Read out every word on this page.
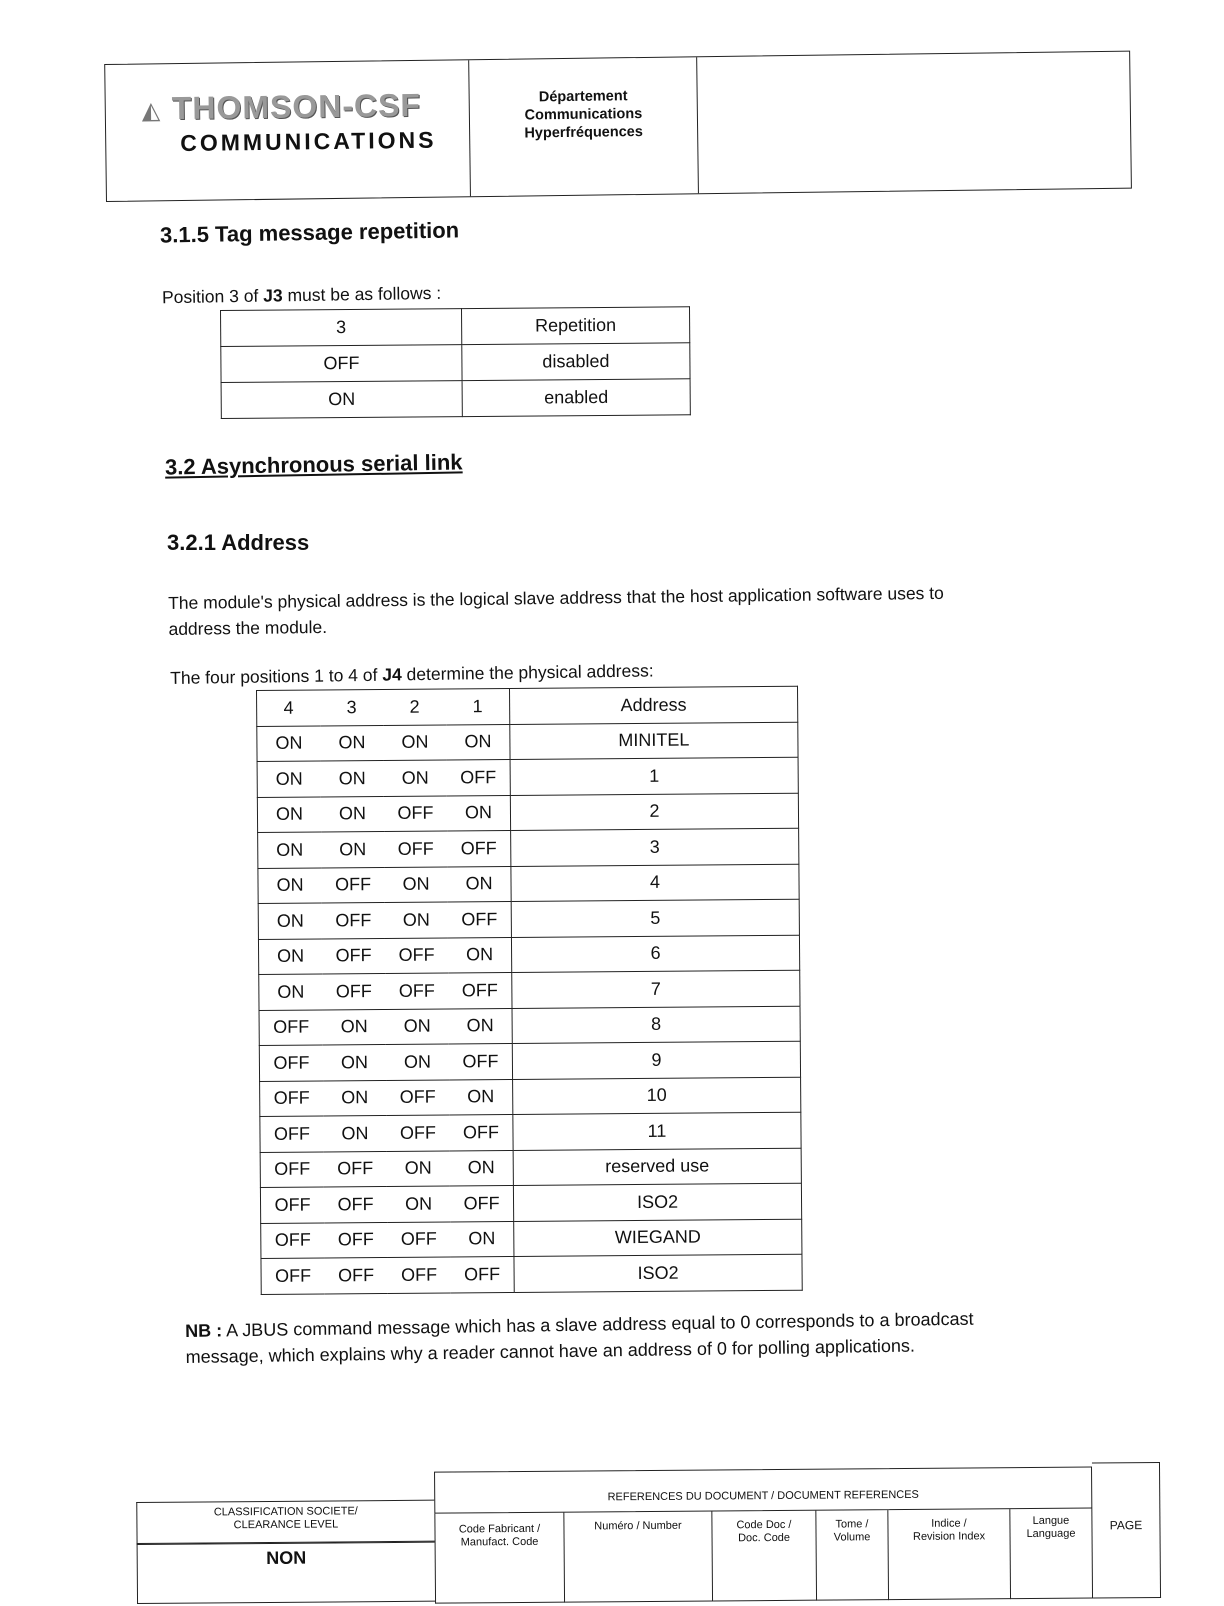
◭ THOMSON-CSF
COMMUNICATIONS
Département
Communications
Hyperfréquences
3.1.5 Tag message repetition

Position 3 of J3 must be as follows :

3	Repetition
OFF	disabled
ON	enabled
3.2 Asynchronous serial link
3.2.1 Address

The module's physical address is the logical slave address that the host application software uses to
address the module.

The four positions 1 to 4 of J4 determine the physical address:

4	3	2	1	Address
ON	ON	ON	ON	MINITEL
ON	ON	ON	OFF	1
ON	ON	OFF	ON	2
ON	ON	OFF	OFF	3
ON	OFF	ON	ON	4
ON	OFF	ON	OFF	5
ON	OFF	OFF	ON	6
ON	OFF	OFF	OFF	7
OFF	ON	ON	ON	8
OFF	ON	ON	OFF	9
OFF	ON	OFF	ON	10
OFF	ON	OFF	OFF	11
OFF	OFF	ON	ON	reserved use
OFF	OFF	ON	OFF	ISO2
OFF	OFF	OFF	ON	WIEGAND
OFF	OFF	OFF	OFF	ISO2

NB : A JBUS command message which has a slave address equal to 0 corresponds to a broadcast
message, which explains why a reader cannot have an address of 0 for polling applications.

CLASSIFICATION SOCIETE/
CLEARANCE LEVEL
NON
REFERENCES DU DOCUMENT / DOCUMENT REFERENCES
Code Fabricant /
Manufact. Code
Numéro / Number	Code Doc /
Doc. Code
Tome /
Volume
Indice /
Revision Index
Langue
Language
PAGE
